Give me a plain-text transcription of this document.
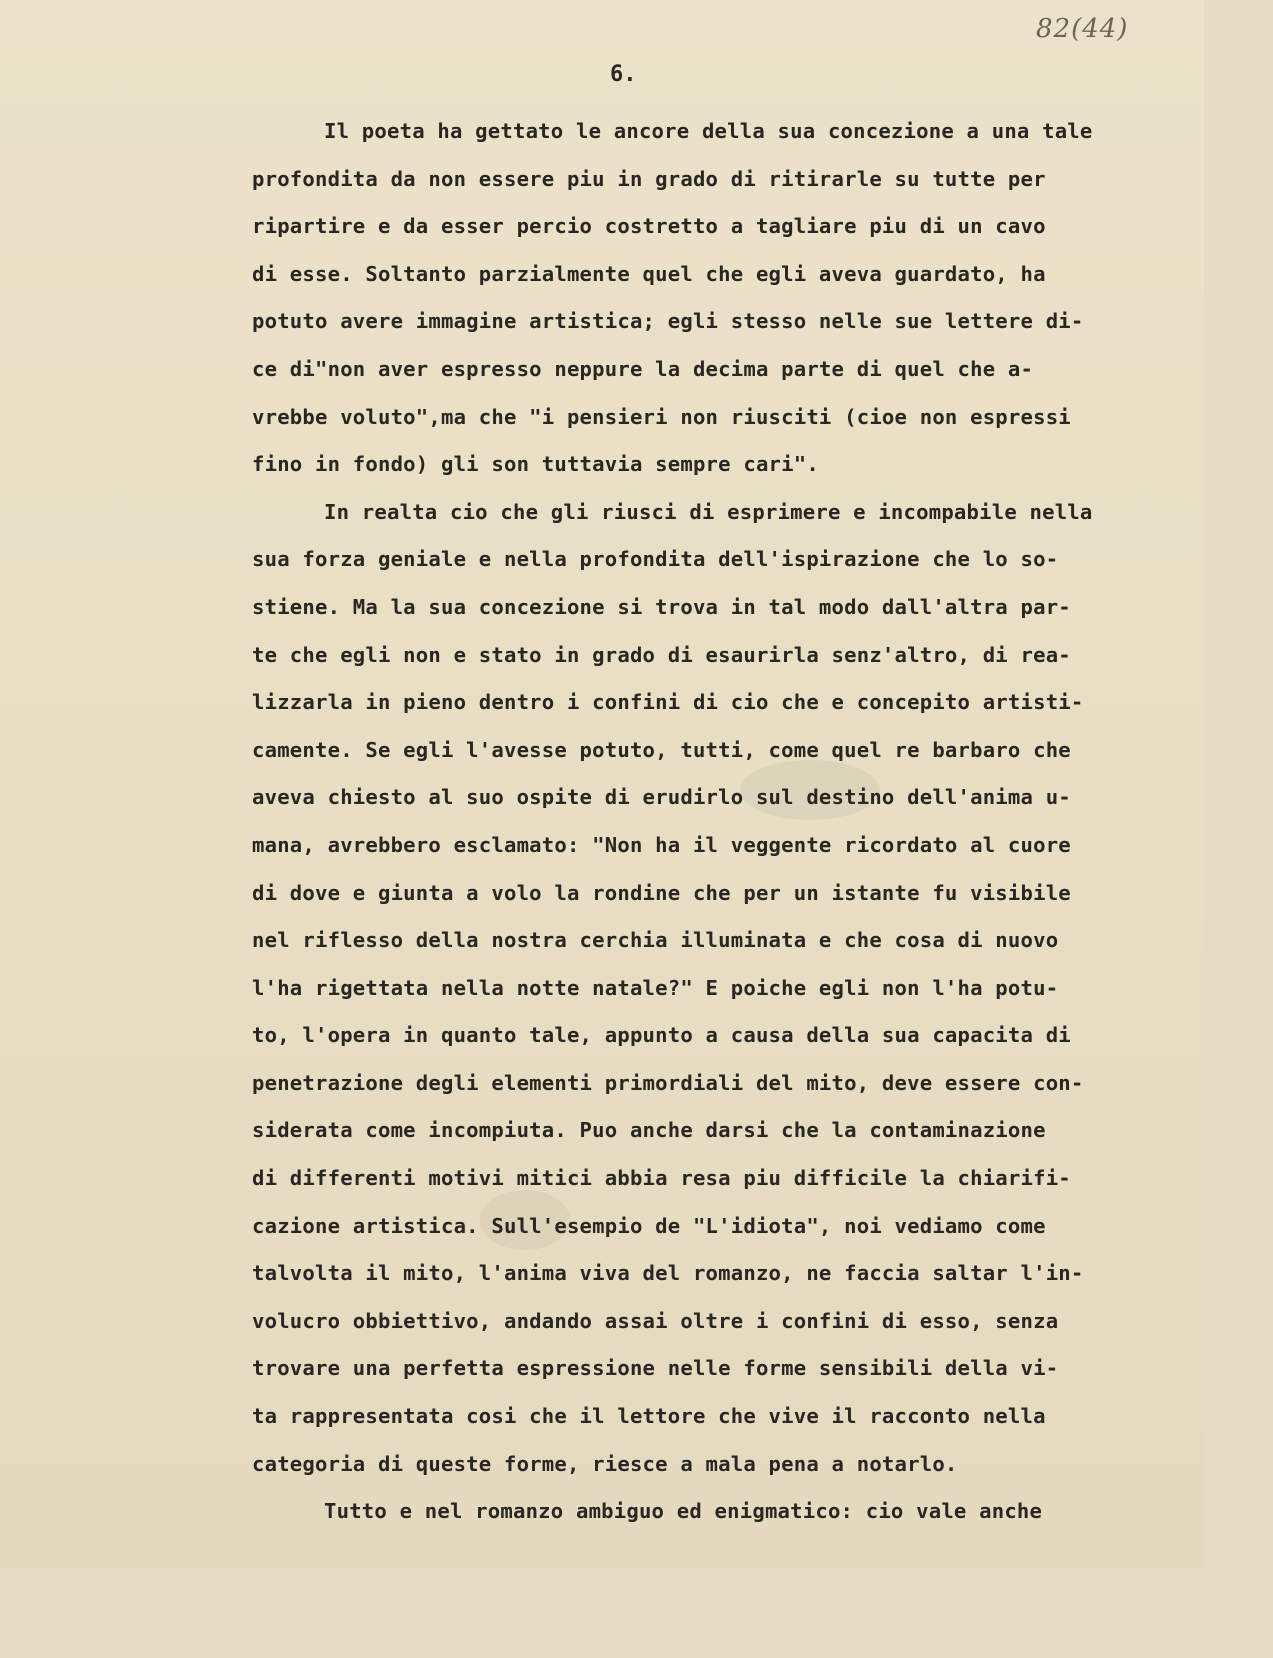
82(44)
6.
Il poeta ha gettato le ancore della sua concezione a una tale
profondita da non essere piu in grado di ritirarle su tutte per
ripartire e da esser percio costretto a tagliare piu di un cavo
di esse. Soltanto parzialmente quel che egli aveva guardato, ha
potuto avere immagine artistica; egli stesso nelle sue lettere di-
ce di"non aver espresso neppure la decima parte di quel che a-
vrebbe voluto",ma che "i pensieri non riusciti (cioe non espressi
fino in fondo) gli son tuttavia sempre cari".
In realta cio che gli riusci di esprimere e incompabile nella
sua forza geniale e nella profondita dell'ispirazione che lo so-
stiene. Ma la sua concezione si trova in tal modo dall'altra par-
te che egli non e stato in grado di esaurirla senz'altro, di rea-
lizzarla in pieno dentro i confini di cio che e concepito artisti-
camente. Se egli l'avesse potuto, tutti, come quel re barbaro che
aveva chiesto al suo ospite di erudirlo sul destino dell'anima u-
mana, avrebbero esclamato: "Non ha il veggente ricordato al cuore
di dove e giunta a volo la rondine che per un istante fu visibile
nel riflesso della nostra cerchia illuminata e che cosa di nuovo
l'ha rigettata nella notte natale?" E poiche egli non l'ha potu-
to, l'opera in quanto tale, appunto a causa della sua capacita di
penetrazione degli elementi primordiali del mito, deve essere con-
siderata come incompiuta. Puo anche darsi che la contaminazione
di differenti motivi mitici abbia resa piu difficile la chiarifi-
cazione artistica. Sull'esempio de "L'idiota", noi vediamo come
talvolta il mito, l'anima viva del romanzo, ne faccia saltar l'in-
volucro obbiettivo, andando assai oltre i confini di esso, senza
trovare una perfetta espressione nelle forme sensibili della vi-
ta rappresentata cosi che il lettore che vive il racconto nella
categoria di queste forme, riesce a mala pena a notarlo.
Tutto e nel romanzo ambiguo ed enigmatico: cio vale anche
